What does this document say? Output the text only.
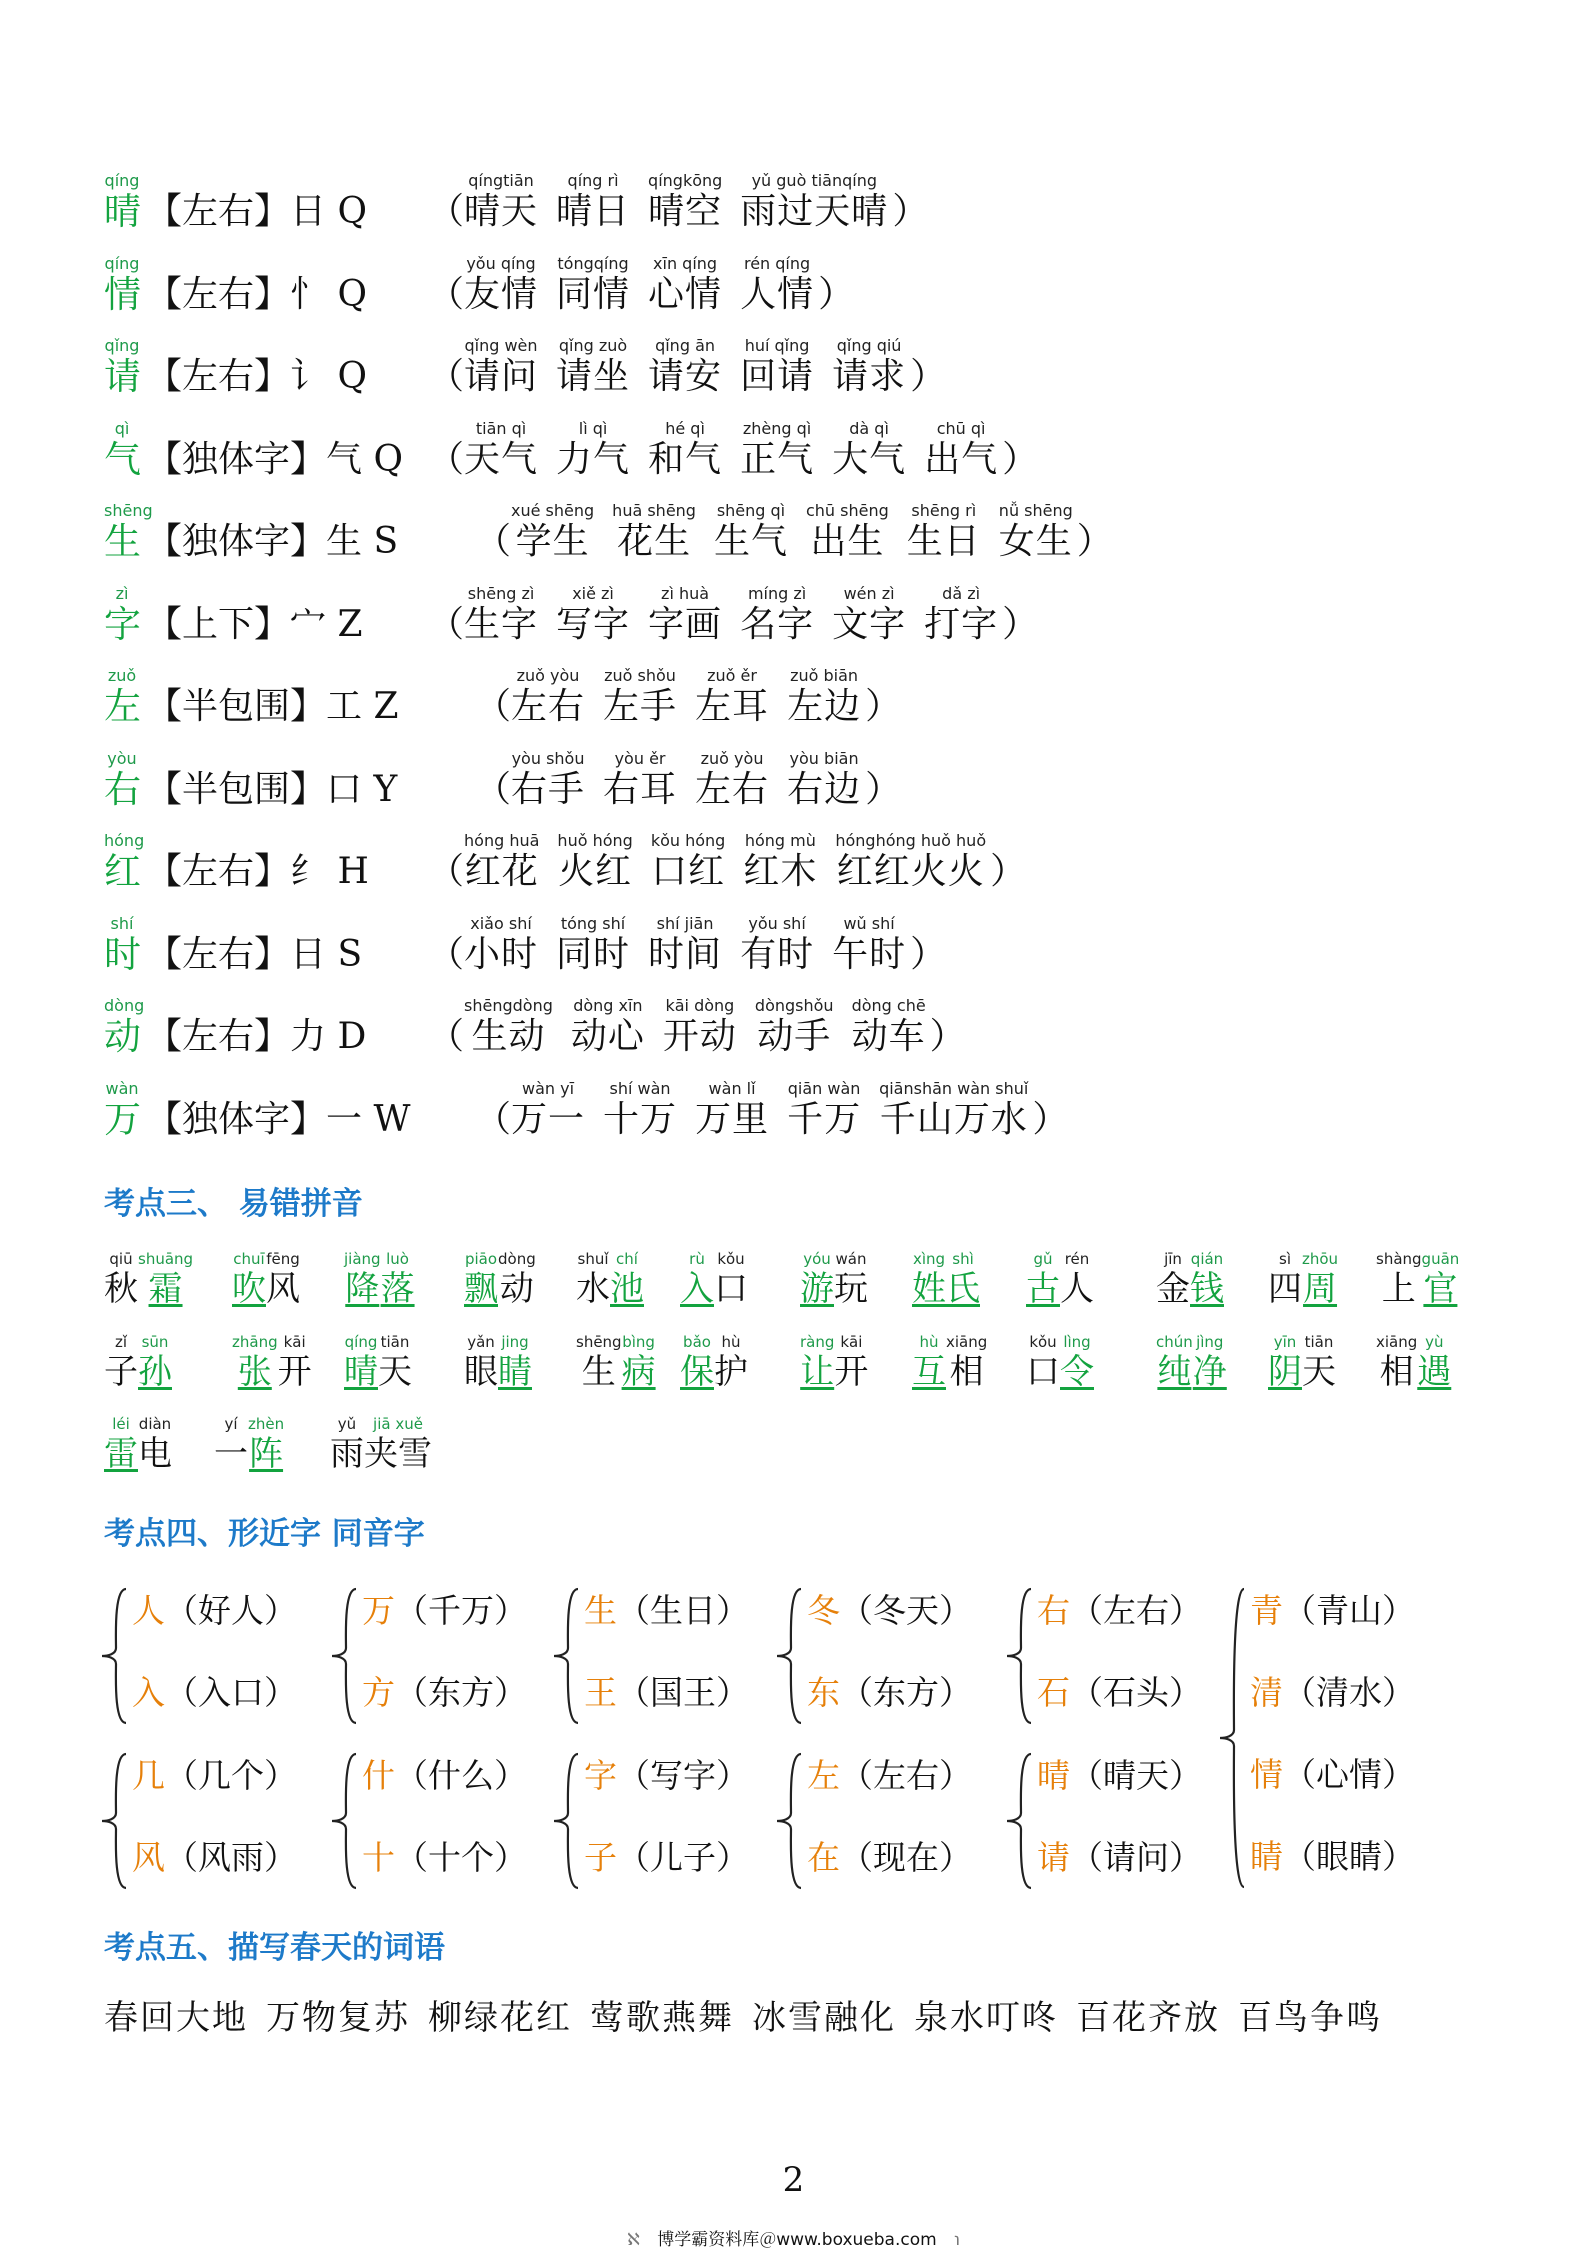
qíng
晴 【左右】日 Q （
qíngtiān
晴天
qíng rì
晴日
qíngkōng
晴空
yǔ guò tiānqíng
雨过天晴 ）
qíng
情 【左右】忄 Q （
yǒu qíng
友情
tóngqíng
同情
xīn qíng
心情
rén qíng
人情 ）
qǐng
请 【左右】讠 Q （
qǐng wèn
请问
qǐng zuò
请坐
qǐng ān
请安
huí qǐng
回请
qǐng qiú
请求 ）
qì
气 【独体字】气 Q （
tiān qì
天气
lì qì
力气
hé qì
和气
zhèng qì
正气
dà qì
大气
chū qì
出气 ）
shēng
生 【独体字】生 S （
xué shēng
学生
huā shēng
花生
shēng qì
生气
chū shēng
出生
shēng rì
生日
nǚ shēng
女生 ）
zì
字 【上下】宀 Z （
shēng zì
生字
xiě zì
写字
zì huà
字画
míng zì
名字
wén zì
文字
dǎ zì
打字 ）
zuǒ
左 【半包围】工 Z （
zuǒ yòu
左右
zuǒ shǒu
左手
zuǒ ěr
左耳
zuǒ biān
左边 ）
yòu
右 【半包围】口 Y （
yòu shǒu
右手
yòu ěr
右耳
zuǒ yòu
左右
yòu biān
右边 ）
hóng
红 【左右】纟 H （
hóng huā
红花
huǒ hóng
火红
kǒu hóng
口红
hóng mù
红木
hónghóng huǒ huǒ
红红火火 ）
shí
时 【左右】日 S （
xiǎo shí
小时
tóng shí
同时
shí jiān
时间
yǒu shí
有时
wǔ shí
午时 ）
dòng
动 【左右】力 D （
shēngdòng
生动
dòng xīn
动心
kāi dòng
开动
dòngshǒu
动手
dòng chē
动车 ）
wàn
万 【独体字】一 W （
wàn yī
万一
shí wàn
十万
wàn lǐ
万里
qiān wàn
千万
qiānshān wàn shuǐ
千山万水 ）
考点三、 易错拼音
qiū
秋
shuāng
霜
chuī
吹
fēng
风
jiàng
降
luò
落
piāo
飘
dòng
动
shuǐ
水
chí
池
rù
入
kǒu
口
yóu
游
wán
玩
xìng
姓
shì
氏
gǔ
古
rén
人
jīn
金
qián
钱
sì
四
zhōu
周
shàng
上
guān
官
zǐ
子
sūn
孙
zhāng
张
kāi
开
qíng
晴
tiān
天
yǎn
眼
jing
睛
shēng
生
bìng
病
bǎo
保
hù
护
ràng
让
kāi
开
hù
互
xiāng
相
kǒu
口
lìng
令
chún
纯
jìng
净
yīn
阴
tiān
天
xiāng
相
yù
遇
léi
雷
diàn
电
yí
一
zhèn
阵
yǔ
雨
jiā xuě
夹雪
考点四、形近字 同音字
人（好人）
入（入口）
万（千万）
方（东方）
生（生日）
王（国王）
冬（冬天）
东（东方）
右（左右）
石（石头）
几（几个）
风（风雨）
什（什么）
十（十个）
字（写字）
子（儿子）
左（左右）
在（现在）
晴（晴天）
请（请问）
青（青山）
清（清水）
情（心情）
睛（眼睛）
考点五、描写春天的词语
春回大地 万物复苏 柳绿花红 莺歌燕舞 冰雪融化 泉水叮咚 百花齐放 百鸟争鸣
2
ℵ 博学霸资料库＠www.boxueba.com ℩
